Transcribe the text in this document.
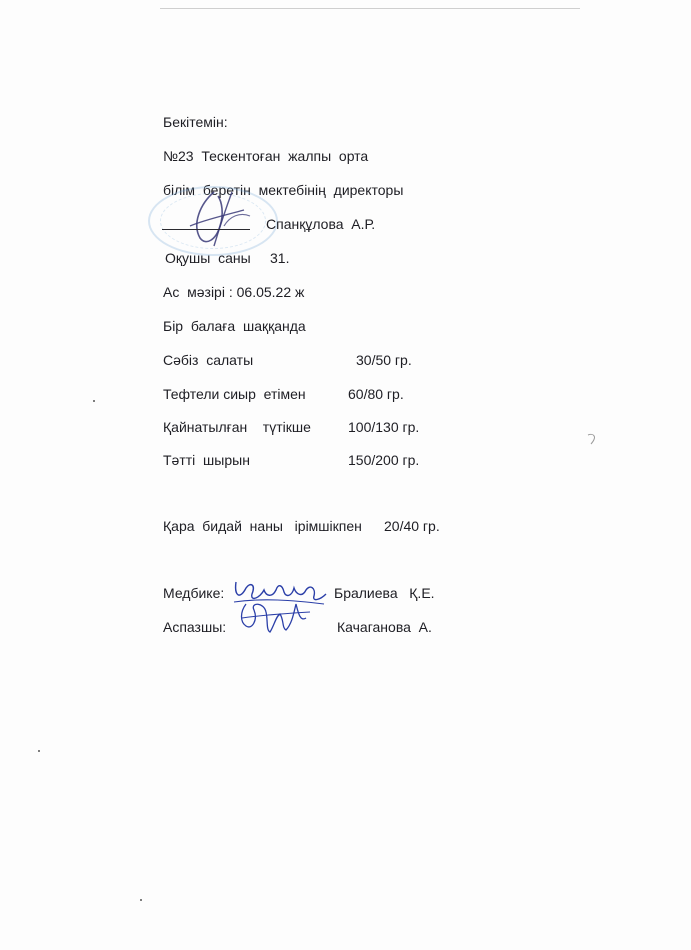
Бекітемін:
№23  Тескентоған  жалпы  орта
білім  беретін  мектебінің  директоры
Спанқұлова  А.Р.
Оқушы  саны 31.
Ас  мәзірі : 06.05.22 ж
Бір  балаға  шаққанда
Сәбіз  салаты	30/50 гр.
Тефтели сиыр  етімен	60/80 гр.
Қайнатылған    түтікше	100/130 гр.
Тәтті  шырын	150/200 гр.
Қара  бидай  наны   ірімшікпен 20/40 гр.
Медбике:	Бралиева   Қ.Е.
Аспазшы:	Качаганова  А.
